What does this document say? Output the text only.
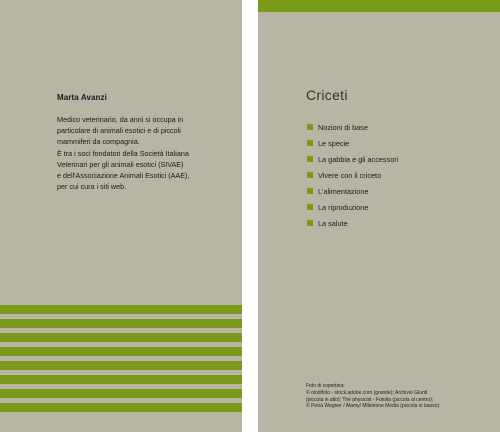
Marta Avanzi
Medico veterinario, da anni si occupa in
particolare di animali esotici e di piccoli
mammiferi da compagnia.
È tra i soci fondatori della Società Italiana
Veterinari per gli animali esotici (SIVAE)
e dell'Associazione Animali Esotici (AAE),
per cui cura i siti web.
Criceti
Nozioni di base
Le specie
La gabbia e gli accessori
Vivere con il criceto
L'alimentazione
La riproduzione
La salute
Foto di copertina:
© olodifoto - stock.adobe.com (grande); Archivio Giunti
(piccola in alto); The physicist - Fotolia (piccola al centro);
© Petra Wegner / Alamy/ Milestone Media (piccola in basso).
